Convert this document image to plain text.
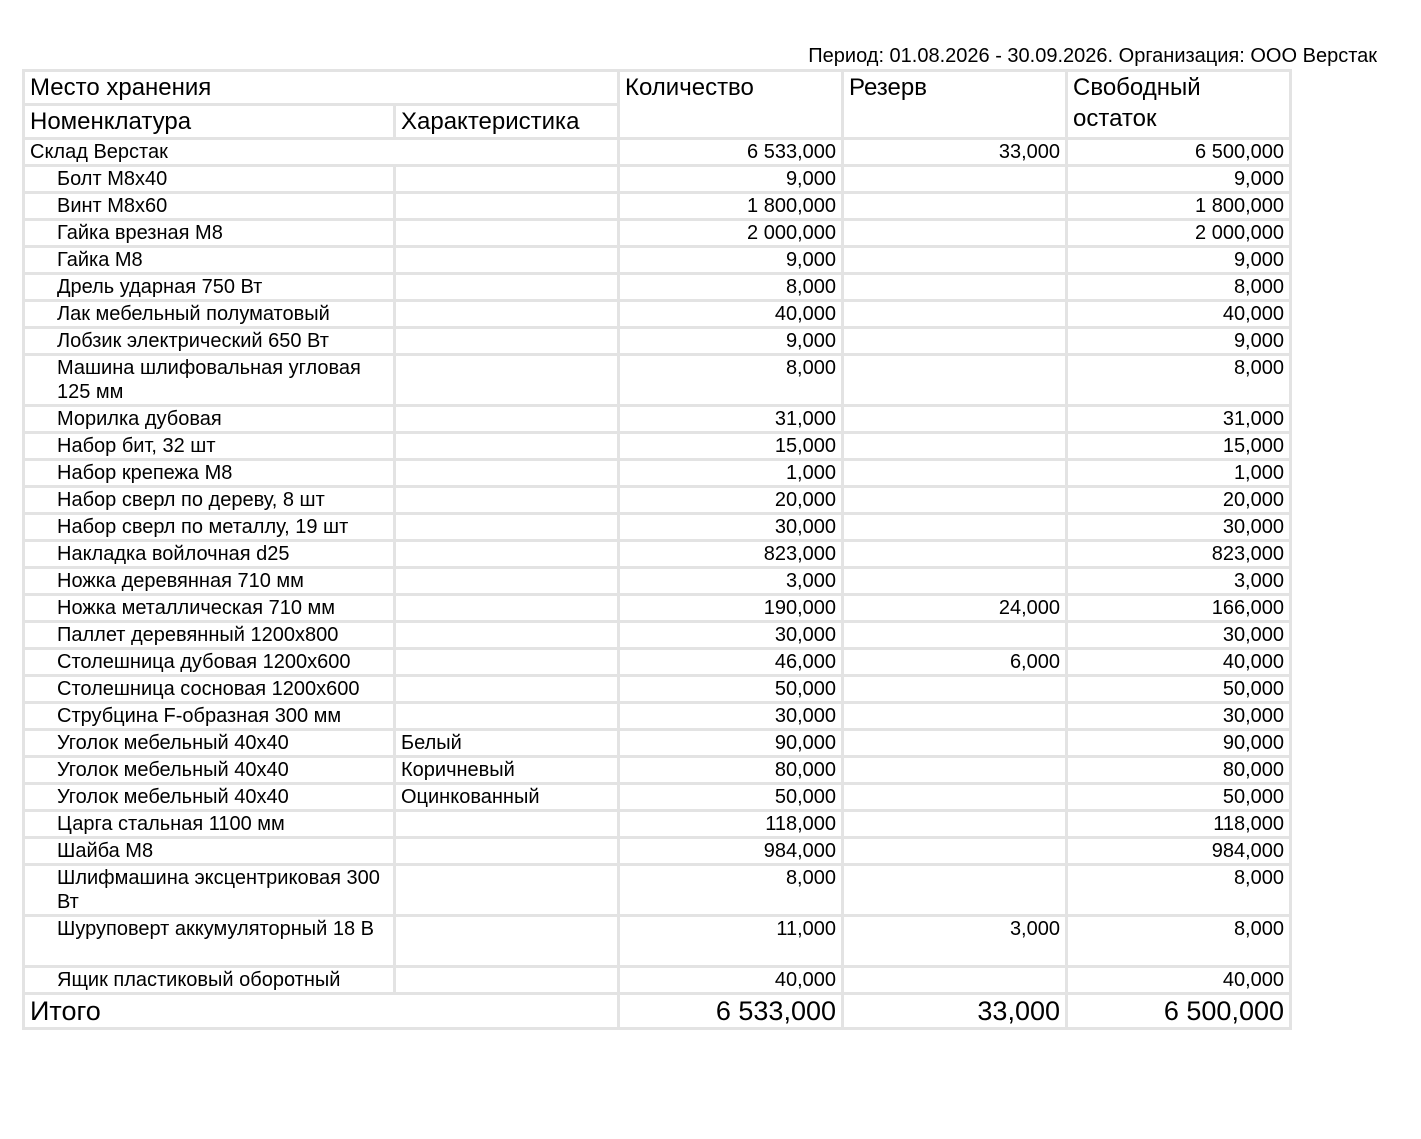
Период: 01.08.2026 - 30.09.2026. Организация: ООО Верстак
Место хранения		Количество	Резерв	Свободный
остаток
Номенклатура	Характеристика			
Склад Верстак		6 533,000	33,000	6 500,000
Болт М8х40		9,000		9,000
Винт М8х60		1 800,000		1 800,000
Гайка врезная М8		2 000,000		2 000,000
Гайка М8		9,000		9,000
Дрель ударная 750 Вт		8,000		8,000
Лак мебельный полуматовый		40,000		40,000
Лобзик электрический 650 Вт		9,000		9,000
Машина шлифовальная угловая 125 мм		8,000		8,000
Морилка дубовая		31,000		31,000
Набор бит, 32 шт		15,000		15,000
Набор крепежа М8		1,000		1,000
Набор сверл по дереву, 8 шт		20,000		20,000
Набор сверл по металлу, 19 шт		30,000		30,000
Накладка войлочная d25		823,000		823,000
Ножка деревянная 710 мм		3,000		3,000
Ножка металлическая 710 мм		190,000	24,000	166,000
Паллет деревянный 1200х800		30,000		30,000
Столешница дубовая 1200х600		46,000	6,000	40,000
Столешница сосновая 1200х600		50,000		50,000
Струбцина F-образная 300 мм		30,000		30,000
Уголок мебельный 40х40	Белый	90,000		90,000
Уголок мебельный 40х40	Коричневый	80,000		80,000
Уголок мебельный 40х40	Оцинкованный	50,000		50,000
Царга стальная 1100 мм		118,000		118,000
Шайба М8		984,000		984,000
Шлифмашина эксцентриковая 300 Вт		8,000		8,000
Шуруповерт аккумуляторный 18 В		11,000	3,000	8,000
Ящик пластиковый оборотный		40,000		40,000
Итого		6 533,000	33,000	6 500,000
